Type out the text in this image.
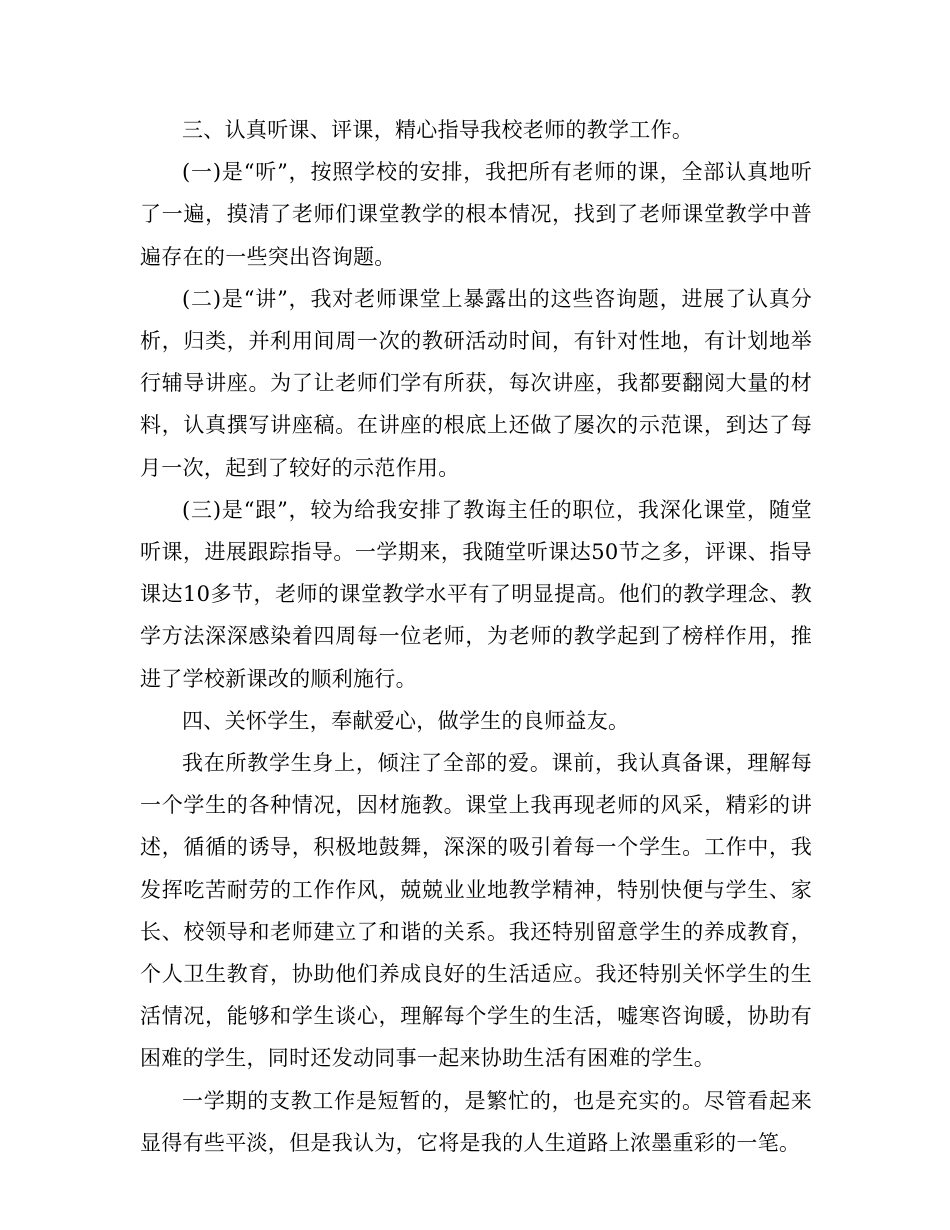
三、认真听课、评课，精心指导我校老师的教学工作。

(一)是“听”，按照学校的安排，我把所有老师的课，全部认真地听了一遍，摸清了老师们课堂教学的根本情况，找到了老师课堂教学中普遍存在的一些突出咨询题。

(二)是“讲”，我对老师课堂上暴露出的这些咨询题，进展了认真分析，归类，并利用间周一次的教研活动时间，有针对性地，有计划地举行辅导讲座。为了让老师们学有所获，每次讲座，我都要翻阅大量的材料，认真撰写讲座稿。在讲座的根底上还做了屡次的示范课，到达了每月一次，起到了较好的示范作用。

(三)是“跟”，较为给我安排了教诲主任的职位，我深化课堂，随堂听课，进展跟踪指导。一学期来，我随堂听课达50节之多，评课、指导课达10多节，老师的课堂教学水平有了明显提高。他们的教学理念、教学方法深深感染着四周每一位老师，为老师的教学起到了榜样作用，推进了学校新课改的顺利施行。

四、关怀学生，奉献爱心，做学生的良师益友。

我在所教学生身上，倾注了全部的爱。课前，我认真备课，理解每一个学生的各种情况，因材施教。课堂上我再现老师的风采，精彩的讲述，循循的诱导，积极地鼓舞，深深的吸引着每一个学生。工作中，我发挥吃苦耐劳的工作作风，兢兢业业地教学精神，特别快便与学生、家长、校领导和老师建立了和谐的关系。我还特别留意学生的养成教育，个人卫生教育，协助他们养成良好的生活适应。我还特别关怀学生的生活情况，能够和学生谈心，理解每个学生的生活，嘘寒咨询暖，协助有困难的学生，同时还发动同事一起来协助生活有困难的学生。

一学期的支教工作是短暂的，是繁忙的，也是充实的。尽管看起来显得有些平淡，但是我认为，它将是我的人生道路上浓墨重彩的一笔。
